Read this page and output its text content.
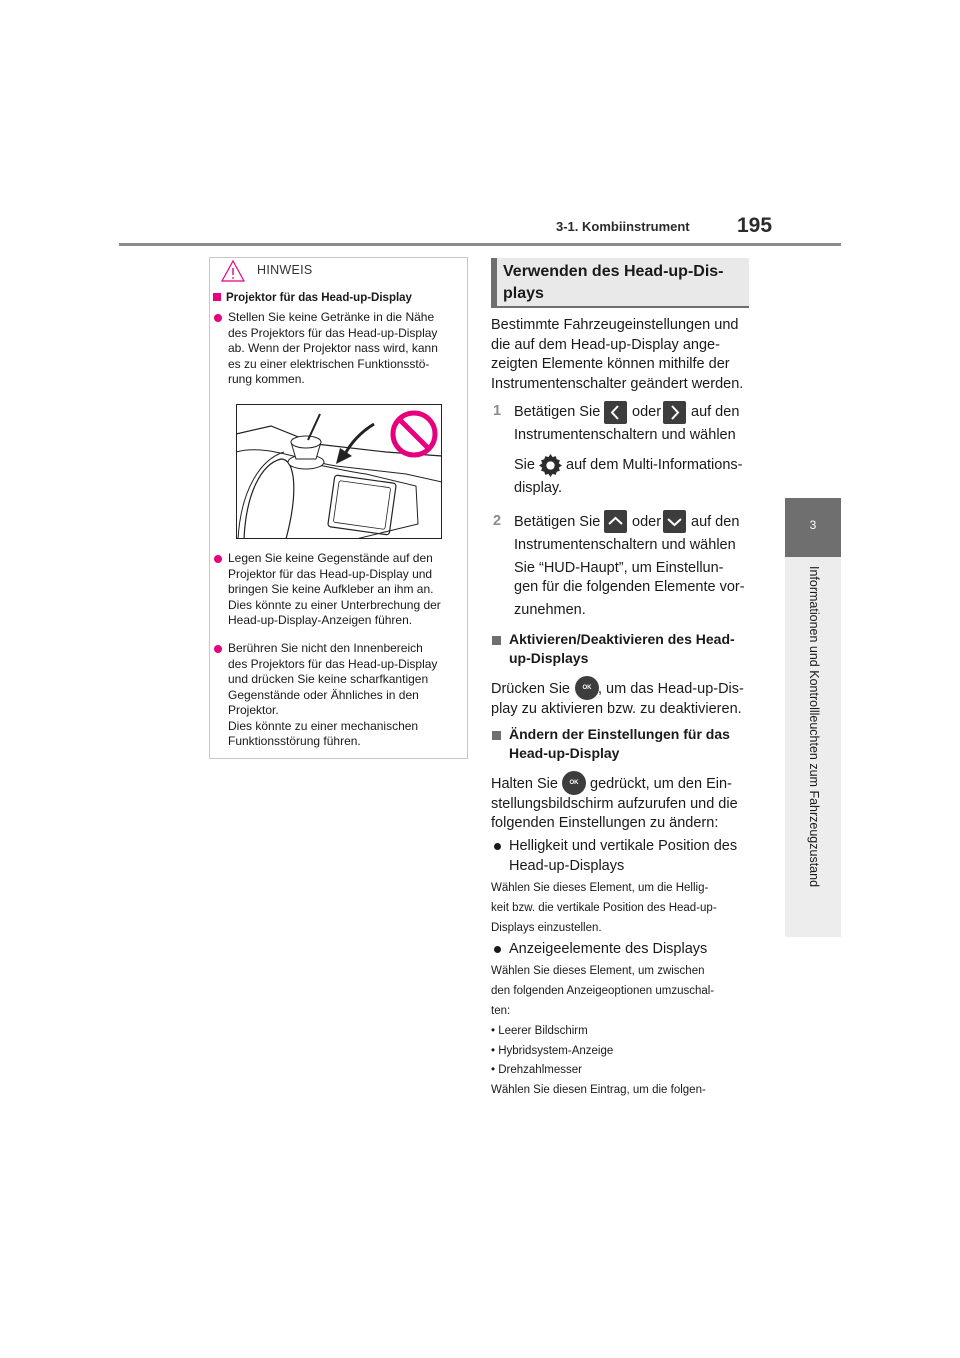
3-1. Kombiinstrument 195
3
Informationen und Kontrollleuchten zum Fahrzeugzustand
HINWEIS
Projektor für das Head-up-Display
Stellen Sie keine Getränke in die Nähe
des Projektors für das Head-up-Display
ab. Wenn der Projektor nass wird, kann
es zu einer elektrischen Funktionsstö-
rung kommen.
Legen Sie keine Gegenstände auf den
Projektor für das Head-up-Display und
bringen Sie keine Aufkleber an ihm an.
Dies könnte zu einer Unterbrechung der
Head-up-Display-Anzeigen führen.
Berühren Sie nicht den Innenbereich
des Projektors für das Head-up-Display
und drücken Sie keine scharfkantigen
Gegenstände oder Ähnliches in den
Projektor.
Dies könnte zu einer mechanischen
Funktionsstörung führen.
Verwenden des Head-up-Dis-
plays
Bestimmte Fahrzeugeinstellungen und
die auf dem Head-up-Display ange-
zeigten Elemente können mithilfe der
Instrumentenschalter geändert werden.
1 Betätigen Sie oder auf den
Instrumentenschaltern und wählen
Sie auf dem Multi-Informations-
display.
2 Betätigen Sie oder auf den
Instrumentenschaltern und wählen
Sie “HUD-Haupt”, um Einstellun-
gen für die folgenden Elemente vor-
zunehmen.
Aktivieren/Deaktivieren des Head-
up-Displays
Drücken Sie	OK , um das Head-up-Dis-
play zu aktivieren bzw. zu deaktivieren.
Ändern der Einstellungen für das
Head-up-Display
Halten Sie	OK gedrückt, um den Ein-
stellungsbildschirm aufzurufen und die
folgenden Einstellungen zu ändern:
Helligkeit und vertikale Position des
Head-up-Displays
Wählen Sie dieses Element, um die Hellig-
keit bzw. die vertikale Position des Head-up-
Displays einzustellen.
Anzeigeelemente des Displays
Wählen Sie dieses Element, um zwischen
den folgenden Anzeigeoptionen umzuschal-
ten:
• Leerer Bildschirm
• Hybridsystem-Anzeige
• Drehzahlmesser
Wählen Sie diesen Eintrag, um die folgen-
